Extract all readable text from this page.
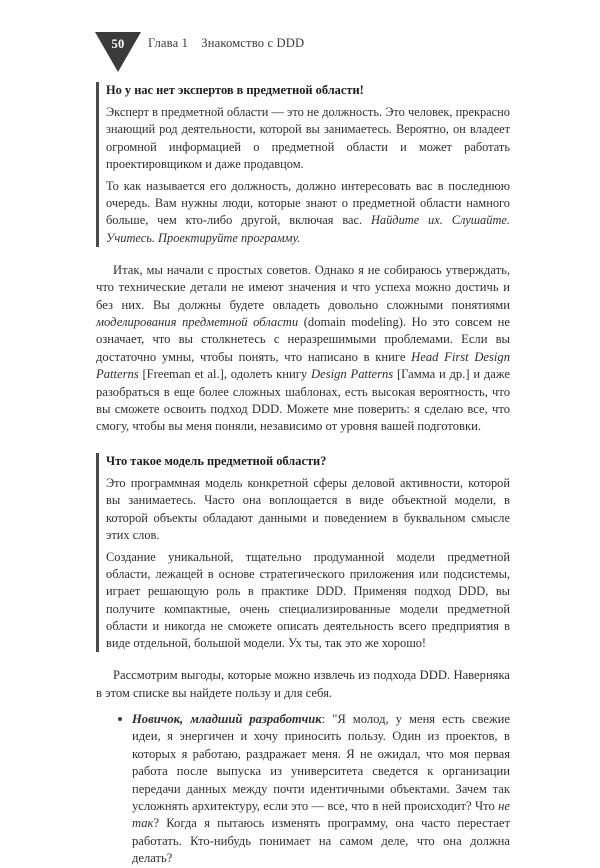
50	Глава 1    Знакомство с DDD

Но у нас нет экспертов в предметной области!

Эксперт в предметной области — это не должность. Это человек, прекрасно знающий род деятельности, которой вы занимаетесь. Вероятно, он владеет огромной информацией о предметной области и может работать проектировщиком и даже продавцом.

То как называется его должность, должно интересовать вас в последнюю очередь. Вам нужны люди, которые знают о предметной области намного больше, чем кто-либо другой, включая вас. Найдите их. Слушайте. Учитесь. Проектируйте программу.

Итак, мы начали с простых советов. Однако я не собираюсь утверждать, что технические детали не имеют значения и что успеха можно достичь и без них. Вы должны будете овладеть довольно сложными понятиями моделирования предметной области (domain modeling). Но это совсем не означает, что вы столкнетесь с неразрешимыми проблемами. Если вы достаточно умны, чтобы понять, что написано в книге Head First Design Patterns [Freeman et al.], одолеть книгу Design Patterns [Гамма и др.] и даже разобраться в еще более сложных шаблонах, есть высокая вероятность, что вы сможете освоить подход DDD. Можете мне поверить: я сделаю все, что смогу, чтобы вы меня поняли, независимо от уровня вашей подготовки.

Что такое модель предметной области?

Это программная модель конкретной сферы деловой активности, которой вы занимаетесь. Часто она воплощается в виде объектной модели, в которой объекты обладают данными и поведением в буквальном смысле этих слов.

Создание уникальной, тщательно продуманной модели предметной области, лежащей в основе стратегического приложения или подсистемы, играет решающую роль в практике DDD. Применяя подход DDD, вы получите компактные, очень специализированные модели предметной области и никогда не сможете описать деятельность всего предприятия в виде отдельной, большой модели. Ух ты, так это же хорошо!

Рассмотрим выгоды, которые можно извлечь из подхода DDD. Наверняка в этом списке вы найдете пользу и для себя.

Новичок, младший разработчик: "Я молод, у меня есть свежие идеи, я энергичен и хочу приносить пользу. Один из проектов, в которых я работаю, раздражает меня. Я не ожидал, что моя первая работа после выпуска из университета сведется к организации передачи данных между почти идентичными объектами. Зачем так усложнять архитектуру, если это — все, что в ней происходит? Что не так? Когда я пытаюсь изменять программу, она часто перестает работать. Кто-нибудь понимает на самом деле, что она должна делать?
